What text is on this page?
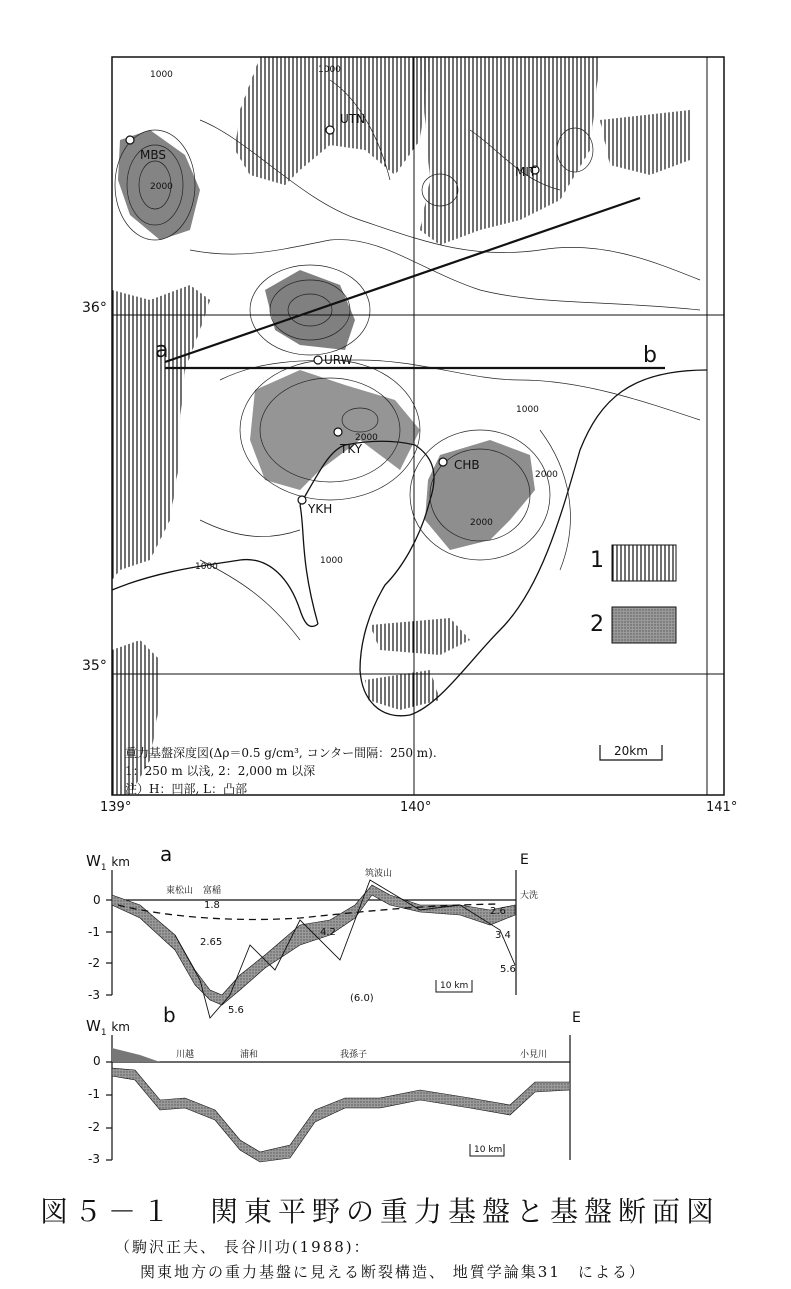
36°
35°
139°	140°	141°
MBS
UTN
MIT
URW
TKY
CHB
YKH
1000	1000
2000
2000
1000
2000
2000
1000
1000
a	b
1
2
20km
重力基盤深度図(Δρ＝0.5 g/cm³, コンター間隔：250 m).
1：250 m 以浅, 2：2,000 m 以深
注）H：凹部, L：凸部
$W_1$ km a	E
0
-1
-2
-3
東松山 富稲
筑波山
大洗
1.8
2.65
4.2
5.6
2.6
3.4
5.6
(6.0)
10 km
$W_1$ km b	E
0
-1
-2
-3
川越	浦和	我孫子	小見川
10 km
図５－１　関東平野の重力基盤と基盤断面図
（駒沢正夫、 長谷川功(1988)：
関東地方の重力基盤に見える断裂構造、 地質学論集31　による）
